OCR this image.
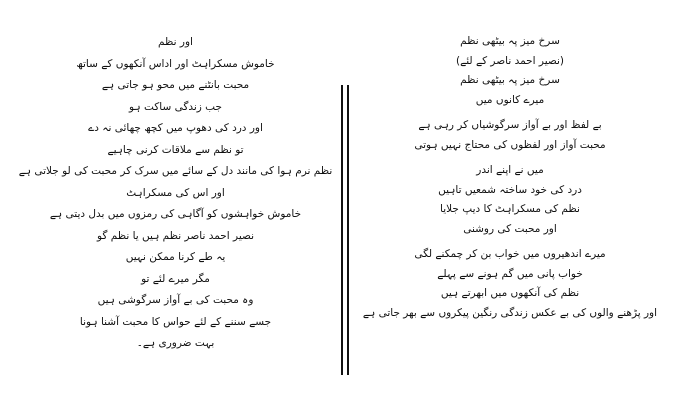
اور نظم
خاموش مسکراہٹ اور اداس آنکھوں کے ساتھ
محبت بانٹنے میں محو ہو جاتی ہے
جب زندگی ساکت ہو
اور درد کی دھوپ میں کچھ چھائی نہ دے
تو نظم سے ملاقات کرنی چاہیے
نظم نرم ہوا کی مانند دل کے سائے میں سرک کر محبت کی لو جلاتی ہے
اور اس کی مسکراہٹ
خاموش خواہشوں کو آگاہی کی رمزوں میں بدل دیتی ہے
نصیر احمد ناصر نظم ہیں یا نظم گو
یہ طے کرنا ممکن نہیں
مگر میرے لئے تو
وہ محبت کی بے آواز سرگوشی ہیں
جسے سننے کے لئے حواس کا محبت آشنا ہونا
بہت ضروری ہے۔
سرخ میز پہ بیٹھی نظم
(نصیر احمد ناصر کے لئے)
سرخ میز پہ بیٹھی نظم
میرے کانوں میں
بے لفظ اور بے آواز سرگوشیاں کر رہی ہے
محبت آواز اور لفظوں کی محتاج نہیں ہوتی
میں نے اپنے اندر
درد کی خود ساختہ شمعیں تاہیں
نظم کی مسکراہٹ کا دیپ جلایا
اور محبت کی روشنی
میرے اندھیروں میں خواب بن کر چمکنے لگی
خواب پانی میں گم ہونے سے پہلے
نظم کی آنکھوں میں ابھرتے ہیں
اور پڑھنے والوں کی بے عکس زندگی رنگین پیکروں سے بھر جاتی ہے
